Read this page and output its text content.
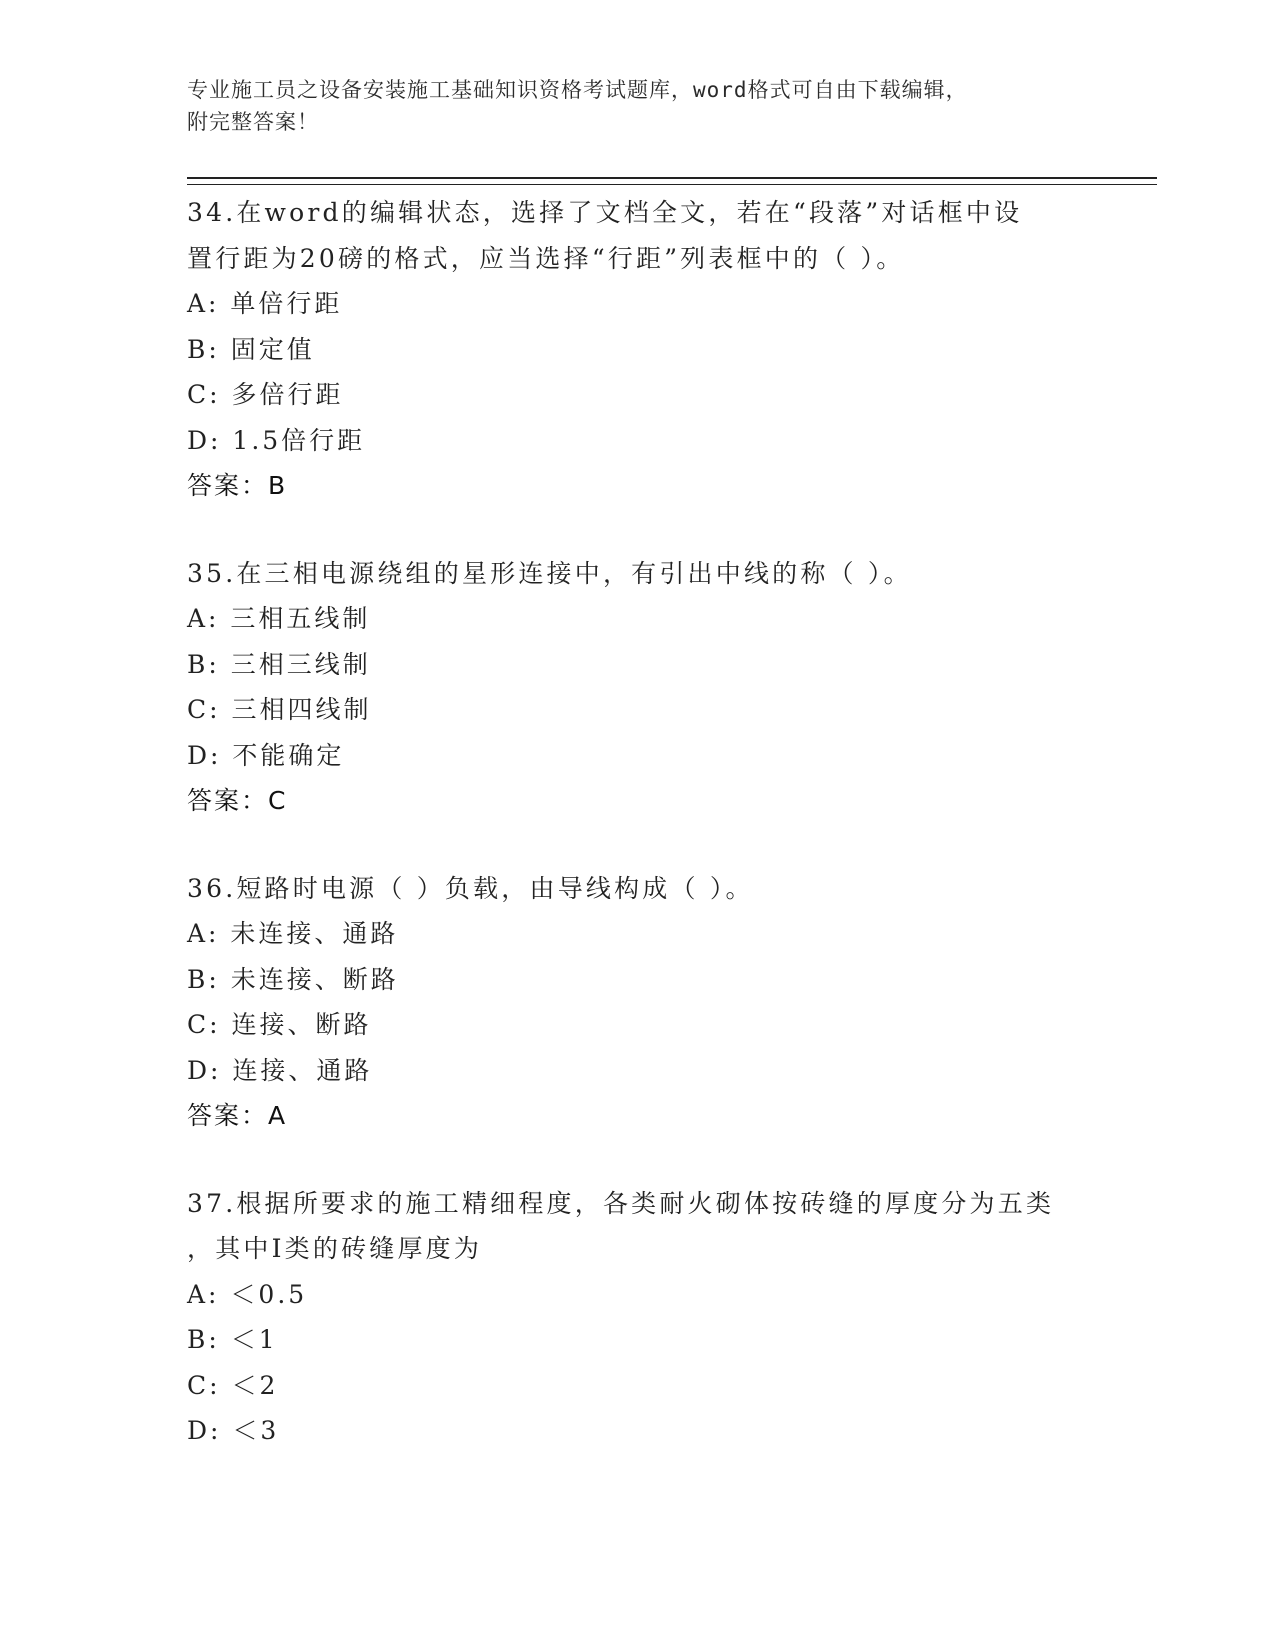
专业施工员之设备安装施工基础知识资格考试题库，word格式可自由下载编辑，
附完整答案！
34.在word的编辑状态，选择了文档全文，若在“段落”对话框中设
置行距为20磅的格式，应当选择“行距”列表框中的（ ）。
A: 单倍行距
B: 固定值
C: 多倍行距
D: 1.5倍行距
答案：B
35.在三相电源绕组的星形连接中，有引出中线的称（ ）。
A: 三相五线制
B: 三相三线制
C: 三相四线制
D: 不能确定
答案：C
36.短路时电源（ ）负载，由导线构成（ ）。
A: 未连接、通路
B: 未连接、断路
C: 连接、断路
D: 连接、通路
答案：A
37.根据所要求的施工精细程度，各类耐火砌体按砖缝的厚度分为五类
，其中Ⅰ类的砖缝厚度为
A: ＜0.5
B: ＜1
C: ＜2
D: ＜3
